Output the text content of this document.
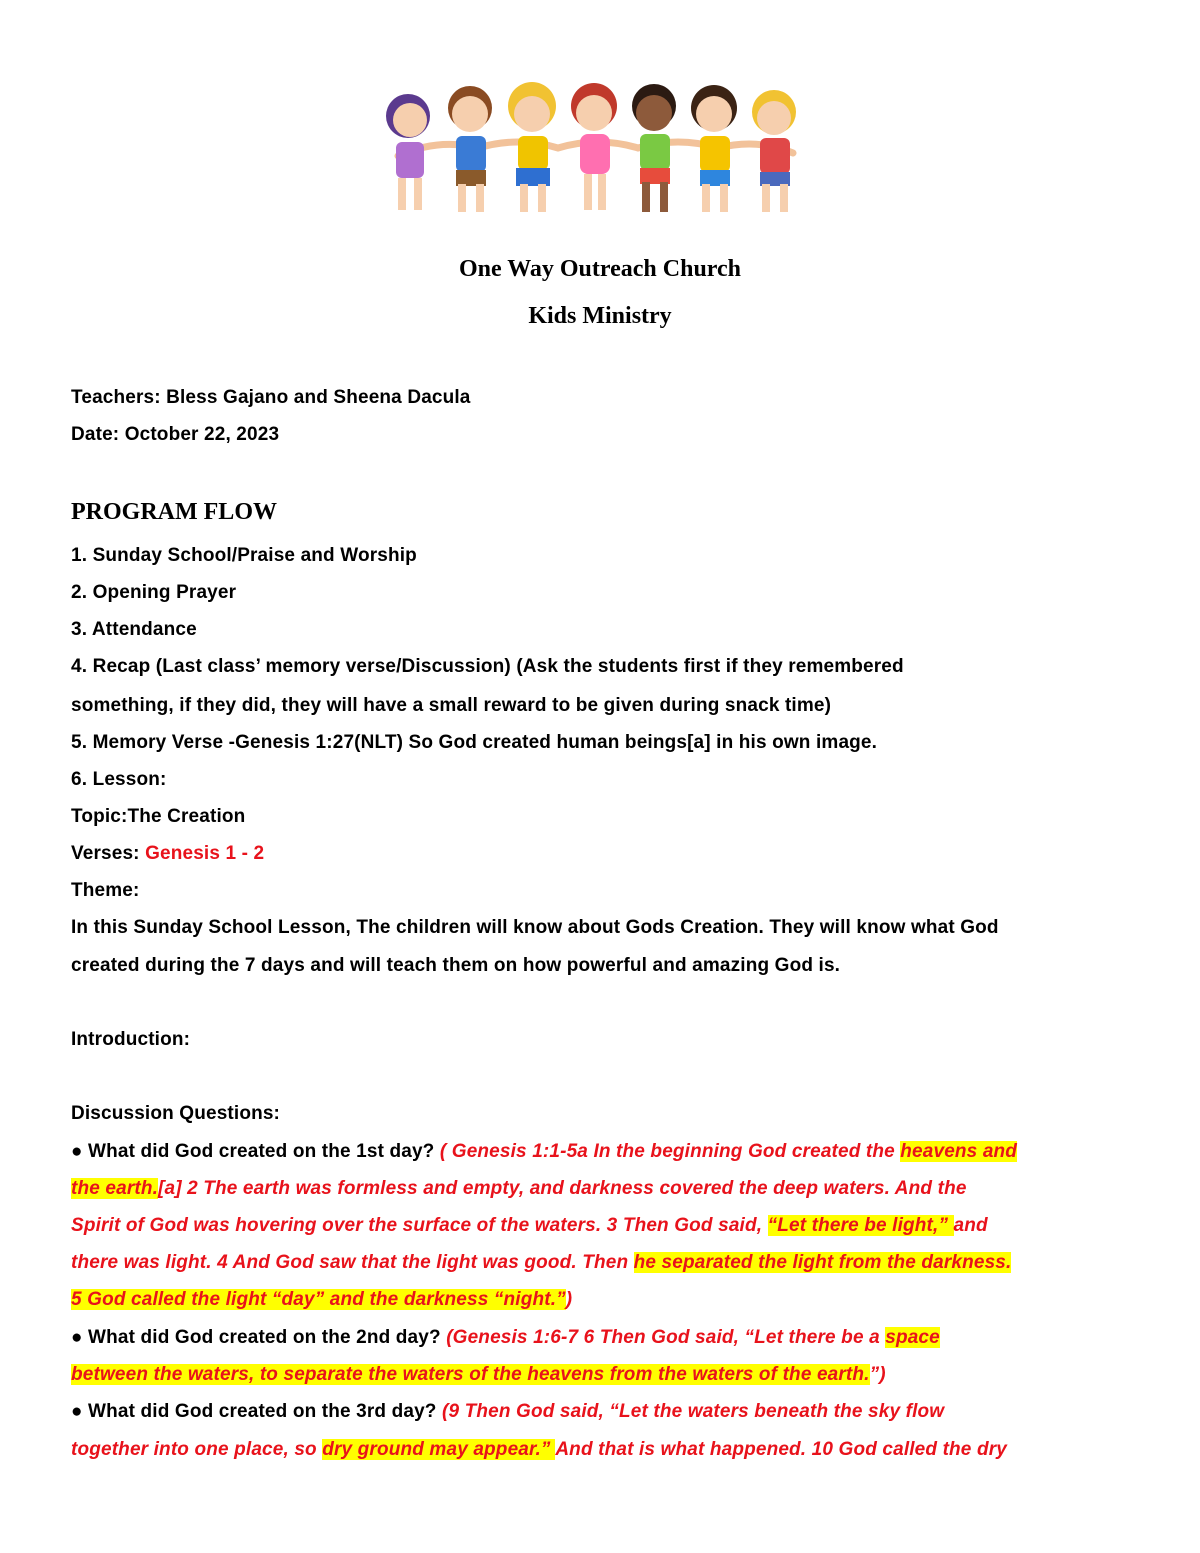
One Way Outreach Church
Kids Ministry
Teachers: Bless Gajano and Sheena Dacula
Date: October 22, 2023
PROGRAM FLOW
1. Sunday School/Praise and Worship
2. Opening Prayer
3. Attendance
4. Recap (Last class’ memory verse/Discussion) (Ask the students first if they remembered
something, if they did, they will have a small reward to be given during snack time)
5. Memory Verse -Genesis 1:27(NLT) So God created human beings[a] in his own image.
6. Lesson:
Topic:The Creation
Verses: Genesis 1 - 2
Theme:
In this Sunday School Lesson, The children will know about Gods Creation. They will know what God
created during the 7 days and will teach them on how powerful and amazing God is.
Introduction:
Discussion Questions:
● What did God created on the 1st day? ( Genesis 1:1-5a In the beginning God created the heavens and
the earth.[a] 2 The earth was formless and empty, and darkness covered the deep waters. And the
Spirit of God was hovering over the surface of the waters. 3 Then God said, “Let there be light,” and
there was light. 4 And God saw that the light was good. Then he separated the light from the darkness.
5 God called the light “day” and the darkness “night.”)
● What did God created on the 2nd day? (Genesis 1:6-7 6 Then God said, “Let there be a space
between the waters, to separate the waters of the heavens from the waters of the earth.”)
● What did God created on the 3rd day? (9 Then God said, “Let the waters beneath the sky flow
together into one place, so dry ground may appear.” And that is what happened. 10 God called the dry
